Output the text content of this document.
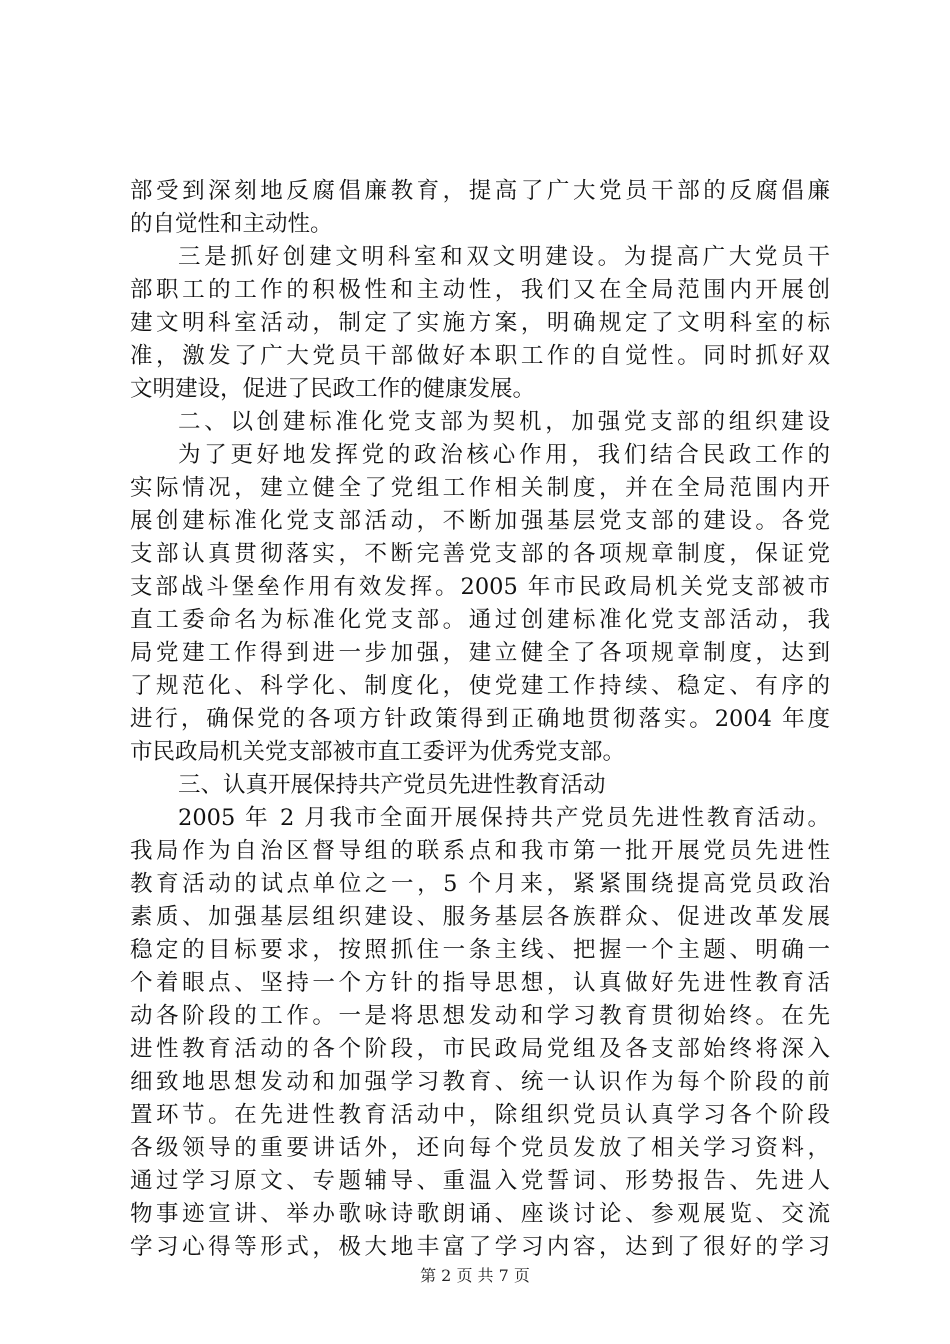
部受到深刻地反腐倡廉教育，提高了广大党员干部的反腐倡廉
的自觉性和主动性。
三是抓好创建文明科室和双文明建设。为提高广大党员干
部职工的工作的积极性和主动性，我们又在全局范围内开展创
建文明科室活动，制定了实施方案，明确规定了文明科室的标
准，激发了广大党员干部做好本职工作的自觉性。同时抓好双
文明建设，促进了民政工作的健康发展。
二、以创建标准化党支部为契机，加强党支部的组织建设
为了更好地发挥党的政治核心作用，我们结合民政工作的
实际情况，建立健全了党组工作相关制度，并在全局范围内开
展创建标准化党支部活动，不断加强基层党支部的建设。各党
支部认真贯彻落实，不断完善党支部的各项规章制度，保证党
支部战斗堡垒作用有效发挥。2005 年市民政局机关党支部被市
直工委命名为标准化党支部。通过创建标准化党支部活动，我
局党建工作得到进一步加强，建立健全了各项规章制度，达到
了规范化、科学化、制度化，使党建工作持续、稳定、有序的
进行，确保党的各项方针政策得到正确地贯彻落实。2004 年度
市民政局机关党支部被市直工委评为优秀党支部。
三、认真开展保持共产党员先进性教育活动
2005 年 2 月我市全面开展保持共产党员先进性教育活动。
我局作为自治区督导组的联系点和我市第一批开展党员先进性
教育活动的试点单位之一，5 个月来，紧紧围绕提高党员政治
素质、加强基层组织建设、服务基层各族群众、促进改革发展
稳定的目标要求，按照抓住一条主线、把握一个主题、明确一
个着眼点、坚持一个方针的指导思想，认真做好先进性教育活
动各阶段的工作。一是将思想发动和学习教育贯彻始终。在先
进性教育活动的各个阶段，市民政局党组及各支部始终将深入
细致地思想发动和加强学习教育、统一认识作为每个阶段的前
置环节。在先进性教育活动中，除组织党员认真学习各个阶段
各级领导的重要讲话外，还向每个党员发放了相关学习资料，
通过学习原文、专题辅导、重温入党誓词、形势报告、先进人
物事迹宣讲、举办歌咏诗歌朗诵、座谈讨论、参观展览、交流
学习心得等形式，极大地丰富了学习内容，达到了很好的学习
第 2 页 共 7 页
